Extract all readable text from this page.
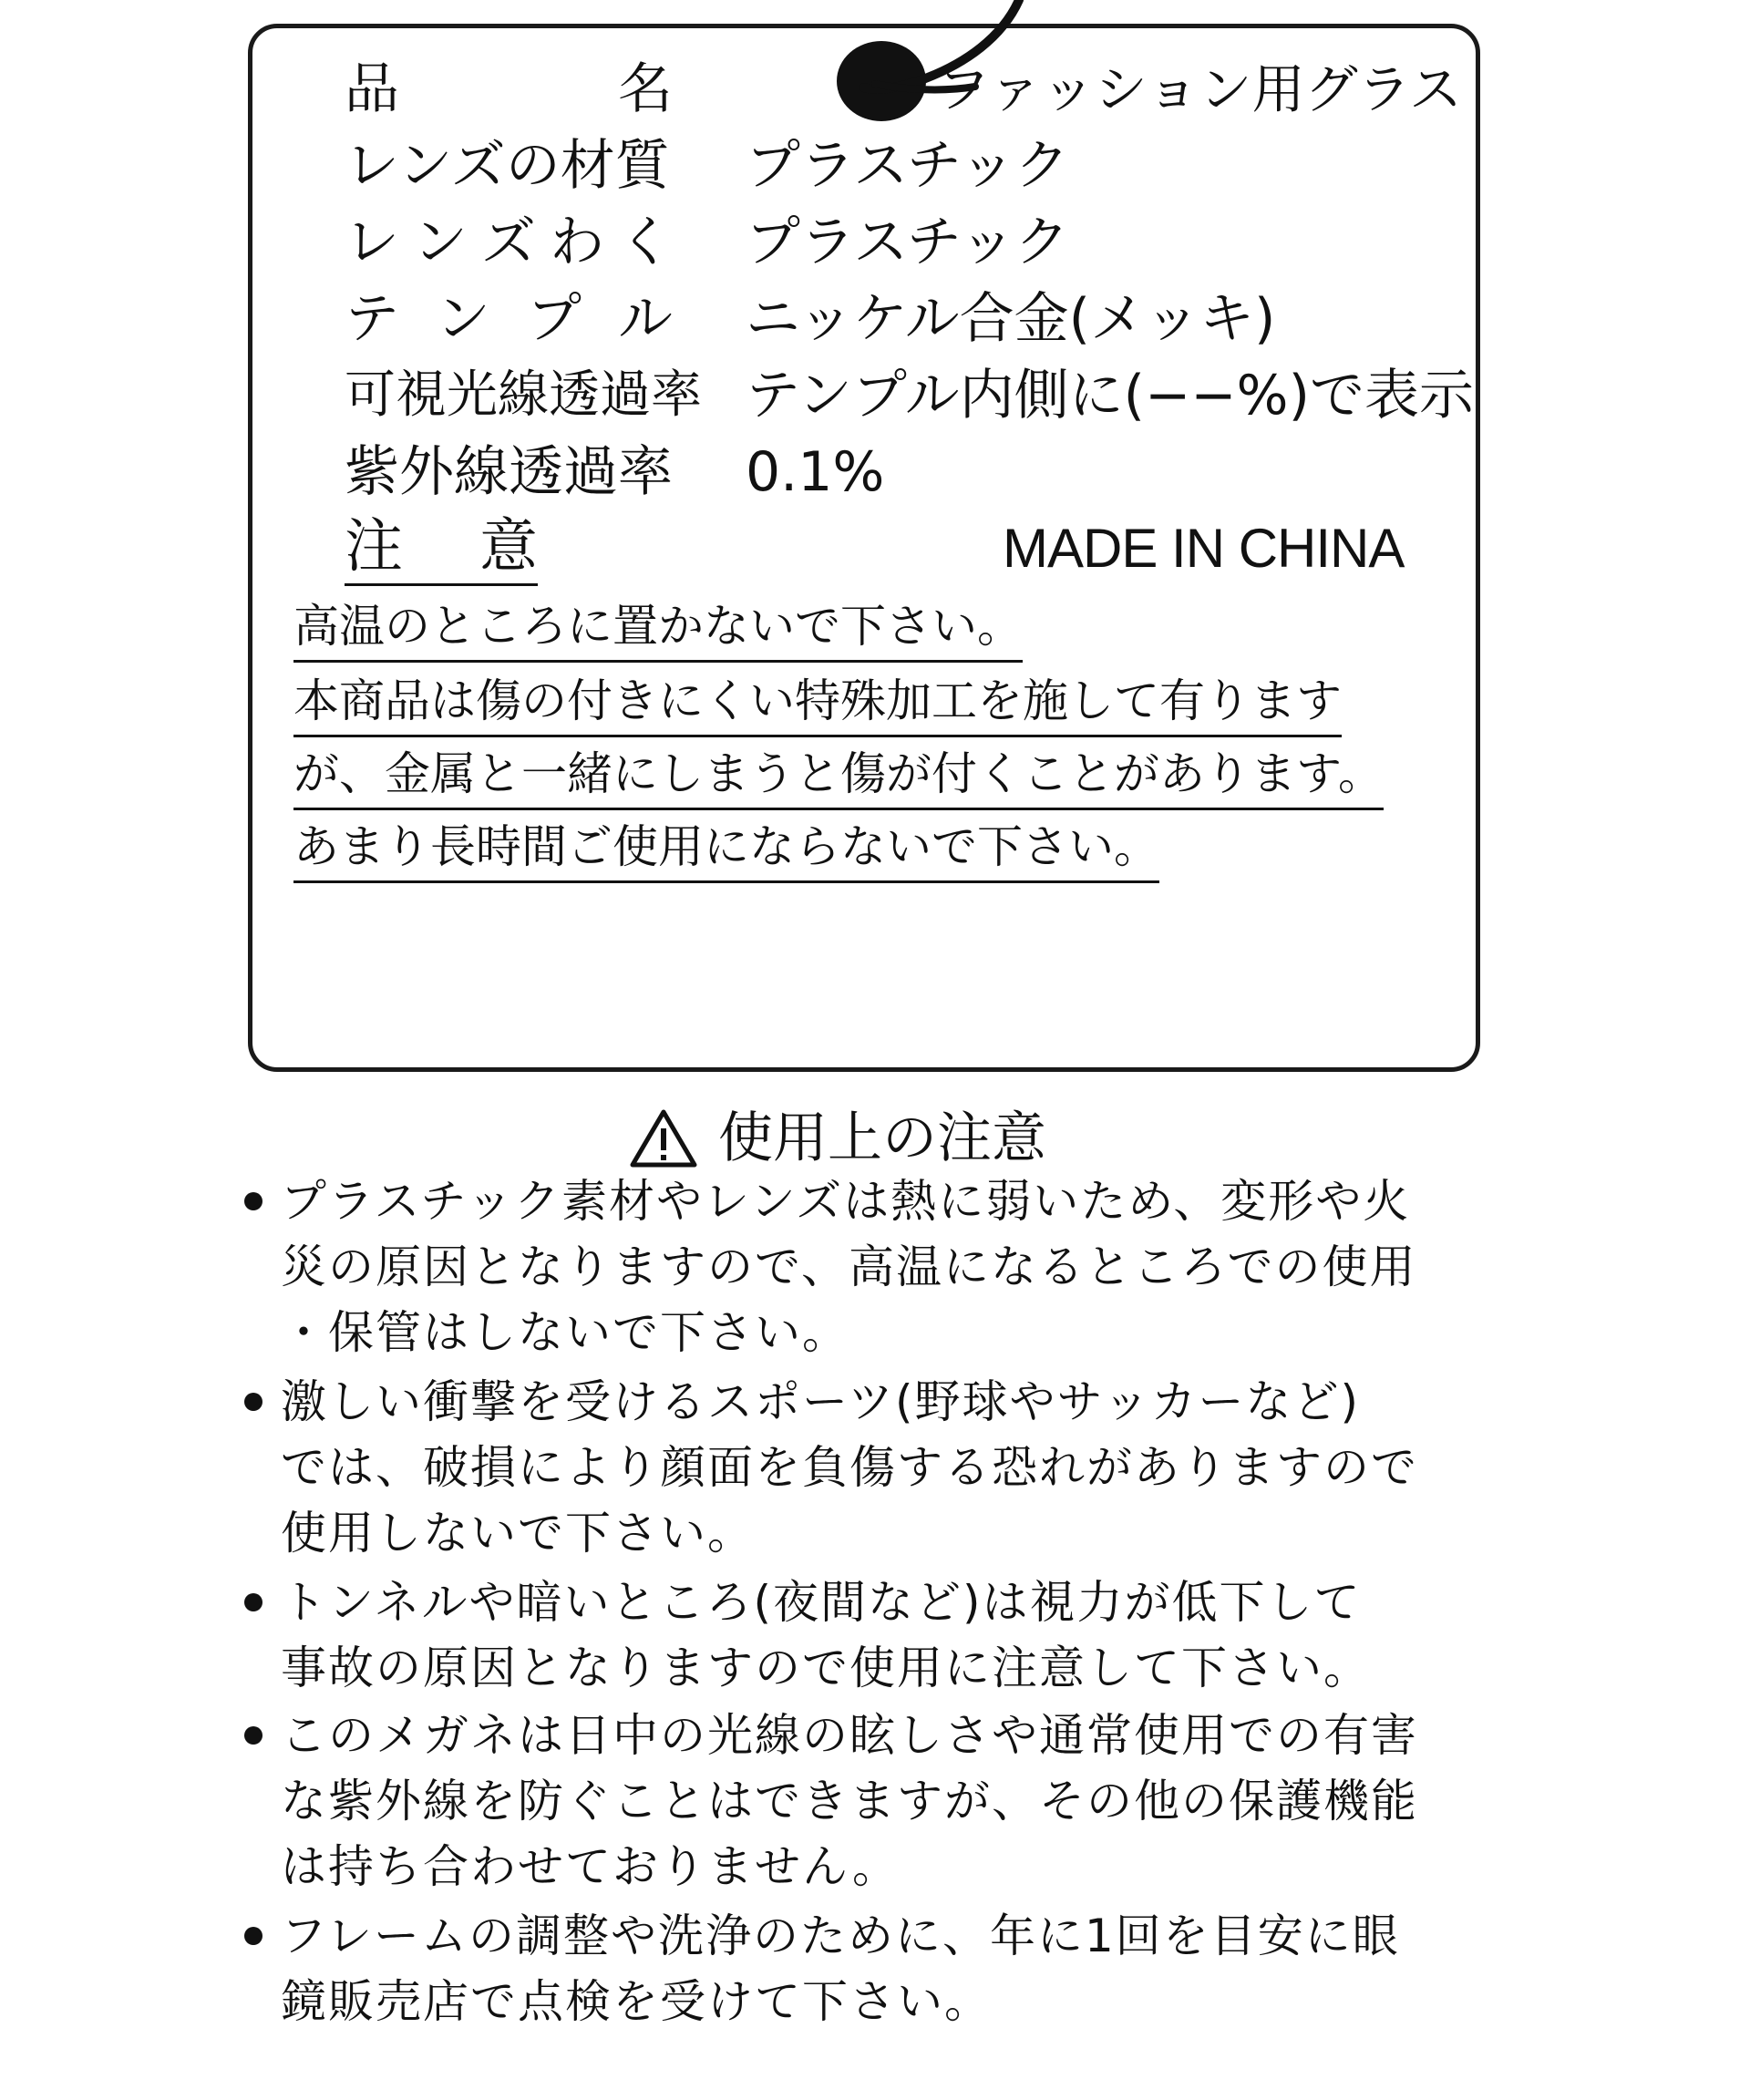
品	名	ファッション用グラス
レンズの材質 プラスチック
レ ン ズ わ く プラスチック
テ ン プ ル ニッケル合金(メッキ)
可視光線透過率 テンプル内側に(−−%)で表示
紫外線透過率 0.1%
注 意	MADE IN CHINA
高温のところに置かないで下さい。
本商品は傷の付きにくい特殊加工を施して有ります
が、金属と一緒にしまうと傷が付くことがあります。
あまり長時間ご使用にならないで下さい。
使用上の注意
プラスチック素材やレンズは熱に弱いため、変形や火
災の原因となりますので、高温になるところでの使用
・保管はしないで下さい。
激しい衝撃を受けるスポーツ(野球やサッカーなど)
では、破損により顔面を負傷する恐れがありますので
使用しないで下さい。
トンネルや暗いところ(夜間など)は視力が低下して
事故の原因となりますので使用に注意して下さい。
このメガネは日中の光線の眩しさや通常使用での有害
な紫外線を防ぐことはできますが、その他の保護機能
は持ち合わせておりません。
フレームの調整や洗浄のために、年に1回を目安に眼
鏡販売店で点検を受けて下さい。
